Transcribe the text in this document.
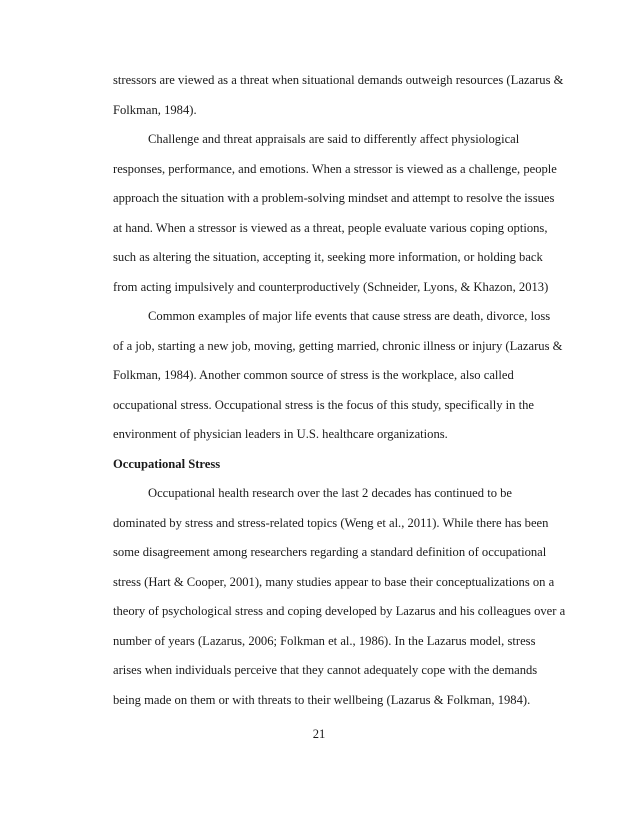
stressors are viewed as a threat when situational demands outweigh resources (Lazarus &
Folkman, 1984).
Challenge and threat appraisals are said to differently affect physiological
responses, performance, and emotions. When a stressor is viewed as a challenge, people
approach the situation with a problem-solving mindset and attempt to resolve the issues
at hand. When a stressor is viewed as a threat, people evaluate various coping options,
such as altering the situation, accepting it, seeking more information, or holding back
from acting impulsively and counterproductively (Schneider, Lyons, & Khazon, 2013)
Common examples of major life events that cause stress are death, divorce, loss
of a job, starting a new job, moving, getting married, chronic illness or injury (Lazarus &
Folkman, 1984). Another common source of stress is the workplace, also called
occupational stress. Occupational stress is the focus of this study, specifically in the
environment of physician leaders in U.S. healthcare organizations.
Occupational Stress
Occupational health research over the last 2 decades has continued to be
dominated by stress and stress-related topics (Weng et al., 2011). While there has been
some disagreement among researchers regarding a standard definition of occupational
stress (Hart & Cooper, 2001), many studies appear to base their conceptualizations on a
theory of psychological stress and coping developed by Lazarus and his colleagues over a
number of years (Lazarus, 2006; Folkman et al., 1986). In the Lazarus model, stress
arises when individuals perceive that they cannot adequately cope with the demands
being made on them or with threats to their wellbeing (Lazarus & Folkman, 1984).
21
